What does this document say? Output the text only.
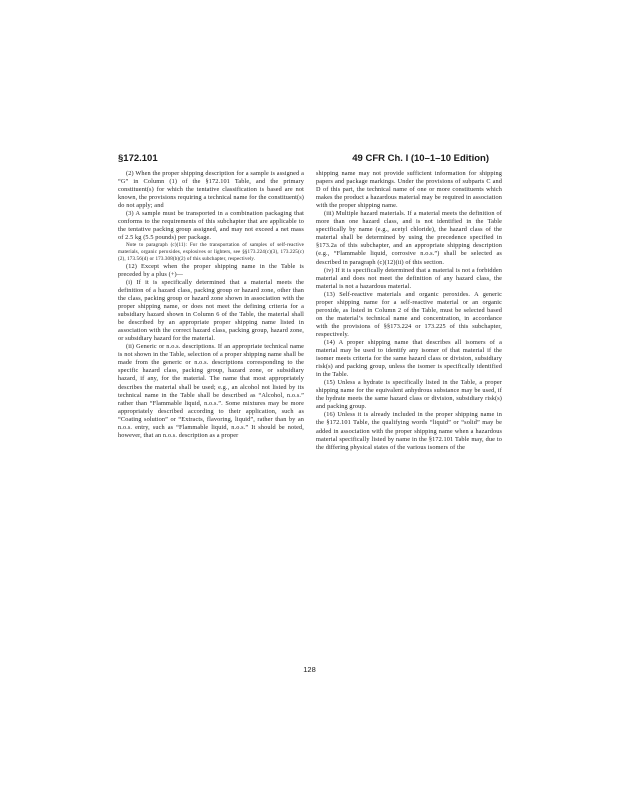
§172.101	49 CFR Ch. I (10–1–10 Edition)

(2) When the proper shipping description for a sample is assigned a “G” in Column (1) of the §172.101 Table, and the primary constituent(s) for which the tentative classification is based are not known, the provisions requiring a technical name for the constituent(s) do not apply; and

(3) A sample must be transported in a combination packaging that conforms to the requirements of this subchapter that are applicable to the tentative packing group assigned, and may not exceed a net mass of 2.5 kg (5.5 pounds) per package.

Note to paragraph (c)(11): For the transportation of samples of self-reactive materials, organic peroxides, explosives or lighters, see §§173.224(c)(3), 173.225(c)(2), 173.56(d) or 173.308(b)(2) of this subchapter, respectively.

(12) Except when the proper shipping name in the Table is preceded by a plus (+)—

(i) If it is specifically determined that a material meets the definition of a hazard class, packing group or hazard zone, other than the class, packing group or hazard zone shown in association with the proper shipping name, or does not meet the defining criteria for a subsidiary hazard shown in Column 6 of the Table, the material shall be described by an appropriate proper shipping name listed in association with the correct hazard class, packing group, hazard zone, or subsidiary hazard for the material.

(ii) Generic or n.o.s. descriptions. If an appropriate technical name is not shown in the Table, selection of a proper shipping name shall be made from the generic or n.o.s. descriptions corresponding to the specific hazard class, packing group, hazard zone, or subsidiary hazard, if any, for the material. The name that most appropriately describes the material shall be used; e.g., an alcohol not listed by its technical name in the Table shall be described as “Alcohol, n.o.s.” rather than “Flammable liquid, n.o.s.”. Some mixtures may be more appropriately described according to their application, such as “Coating solution” or “Extracts, flavoring, liquid”, rather than by an n.o.s. entry, such as “Flammable liquid, n.o.s.” It should be noted, however, that an n.o.s. description as a proper

shipping name may not provide sufficient information for shipping papers and package markings. Under the provisions of subparts C and D of this part, the technical name of one or more constituents which makes the product a hazardous material may be required in association with the proper shipping name.

(iii) Multiple hazard materials. If a material meets the definition of more than one hazard class, and is not identified in the Table specifically by name (e.g., acetyl chloride), the hazard class of the material shall be determined by using the precedence specified in §173.2a of this subchapter, and an appropriate shipping description (e.g., “Flammable liquid, corrosive n.o.s.”) shall be selected as described in paragraph (c)(12)(ii) of this section.

(iv) If it is specifically determined that a material is not a forbidden material and does not meet the definition of any hazard class, the material is not a hazardous material.

(13) Self-reactive materials and organic peroxides. A generic proper shipping name for a self-reactive material or an organic peroxide, as listed in Column 2 of the Table, must be selected based on the material’s technical name and concentration, in accordance with the provisions of §§173.224 or 173.225 of this subchapter, respectively.

(14) A proper shipping name that describes all isomers of a material may be used to identify any isomer of that material if the isomer meets criteria for the same hazard class or division, subsidiary risk(s) and packing group, unless the isomer is specifically identified in the Table.

(15) Unless a hydrate is specifically listed in the Table, a proper shipping name for the equivalent anhydrous substance may be used, if the hydrate meets the same hazard class or division, subsidiary risk(s) and packing group.

(16) Unless it is already included in the proper shipping name in the §172.101 Table, the qualifying words “liquid” or “solid” may be added in association with the proper shipping name when a hazardous material specifically listed by name in the §172.101 Table may, due to the differing physical states of the various isomers of the

128
